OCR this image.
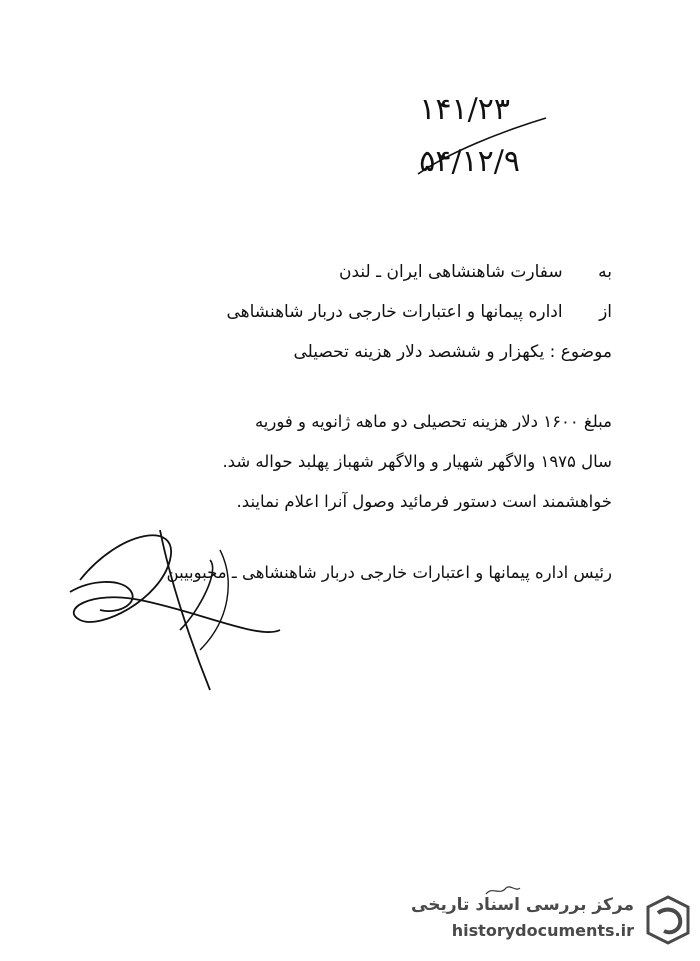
۱۴۱/۲۳
۵۴/۱۲/۹
به سفارت شاهنشاهی ایران ـ لندن
از اداره پیمانها و اعتبارات خارجی دربار شاهنشاهی
موضوع : یکهزار و ششصد دلار هزینه تحصیلی
مبلغ ۱۶۰۰ دلار هزینه تحصیلی دو ماهه ژانویه و فوریه
سال ۱۹۷۵ والاگهر شهیار و والاگهر شهباز پهلبد حواله شد.
خواهشمند است دستور فرمائید وصول آنرا اعلام نمایند.
رئیس اداره پیمانها و اعتبارات خارجی دربار شاهنشاهی ـ محبوبیبن
مرکز بررسی اسناد تاریخی
historydocuments.ir
